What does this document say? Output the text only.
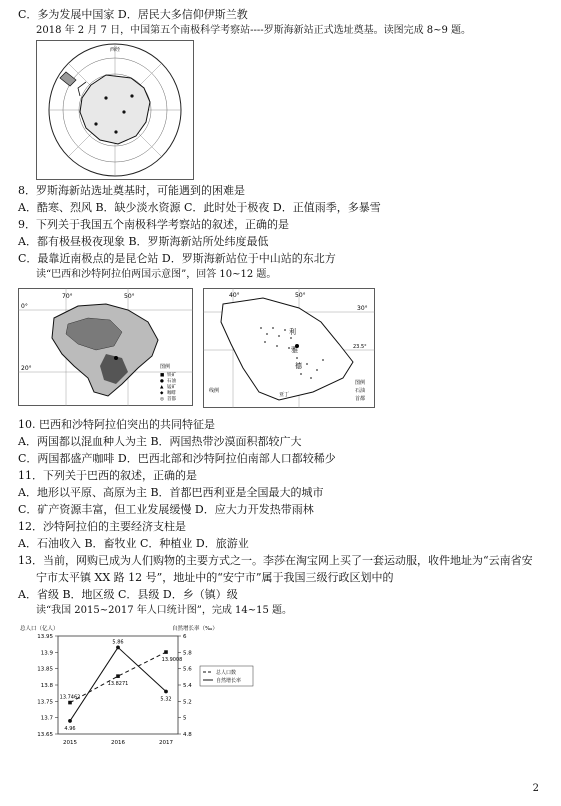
C．多为发展中国家 D．居民大多信仰伊斯兰教
2018 年 2 月 7 日，中国第五个南极科学考察站----罗斯海新站正式选址奠基。读图完成 8~9 题。
西经
8．罗斯海新站选址奠基时，可能遇到的困难是
A．酷寒、烈风 B．缺少淡水资源 C．此时处于极夜 D．正值雨季，多暴雪
9．下列关于我国五个南极科学考察站的叙述，正确的是
A．都有极昼极夜现象 B．罗斯海新站所处纬度最低
C．最靠近南极点的是昆仑站 D．罗斯海新站位于中山站的东北方
读“巴西和沙特阿拉伯两国示意图”，回答 10~12 题。
70°	50°
0°
20°	图例
■ 铁矿
● 石油
▲ 锰矿
◆ 咖啡
◎ 首都
40°	50°
30°
23.5°
利
雅
德
亚丁
线例
图例
石油
首都
10. 巴西和沙特阿拉伯突出的共同特征是
A．两国都以混血种人为主 B．两国热带沙漠面积都较广大
C．两国都盛产咖啡 D．巴西北部和沙特阿拉伯南部人口都较稀少
11．下列关于巴西的叙述，正确的是
A．地形以平原、高原为主 B．首都巴西利亚是全国最大的城市
C．矿产资源丰富，但工业发展缓慢 D．应大力开发热带雨林
12．沙特阿拉伯的主要经济支柱是
A．石油收入 B．畜牧业 C．种植业 D．旅游业
13．当前，网购已成为人们购物的主要方式之一。李莎在淘宝网上买了一套运动服，收件地址为“云南省安
宁市太平镇 XX 路 12 号”，地址中的“安宁市”属于我国三级行政区划中的
A．省级 B．地区级 C．县级 D．乡（镇）级
读“我国 2015~2017 年人口统计图”，完成 14~15 题。
总人口（亿人）	自然增长率（‰）
13.95
13.9
13.85
13.8
13.75
13.7
13.65
6
5.8
5.6
5.4
5.2
5
4.8
2015	2016	2017
13.7462
13.8271
13.9008
4.96
5.86
5.32
总人口数
自然增长率
2
